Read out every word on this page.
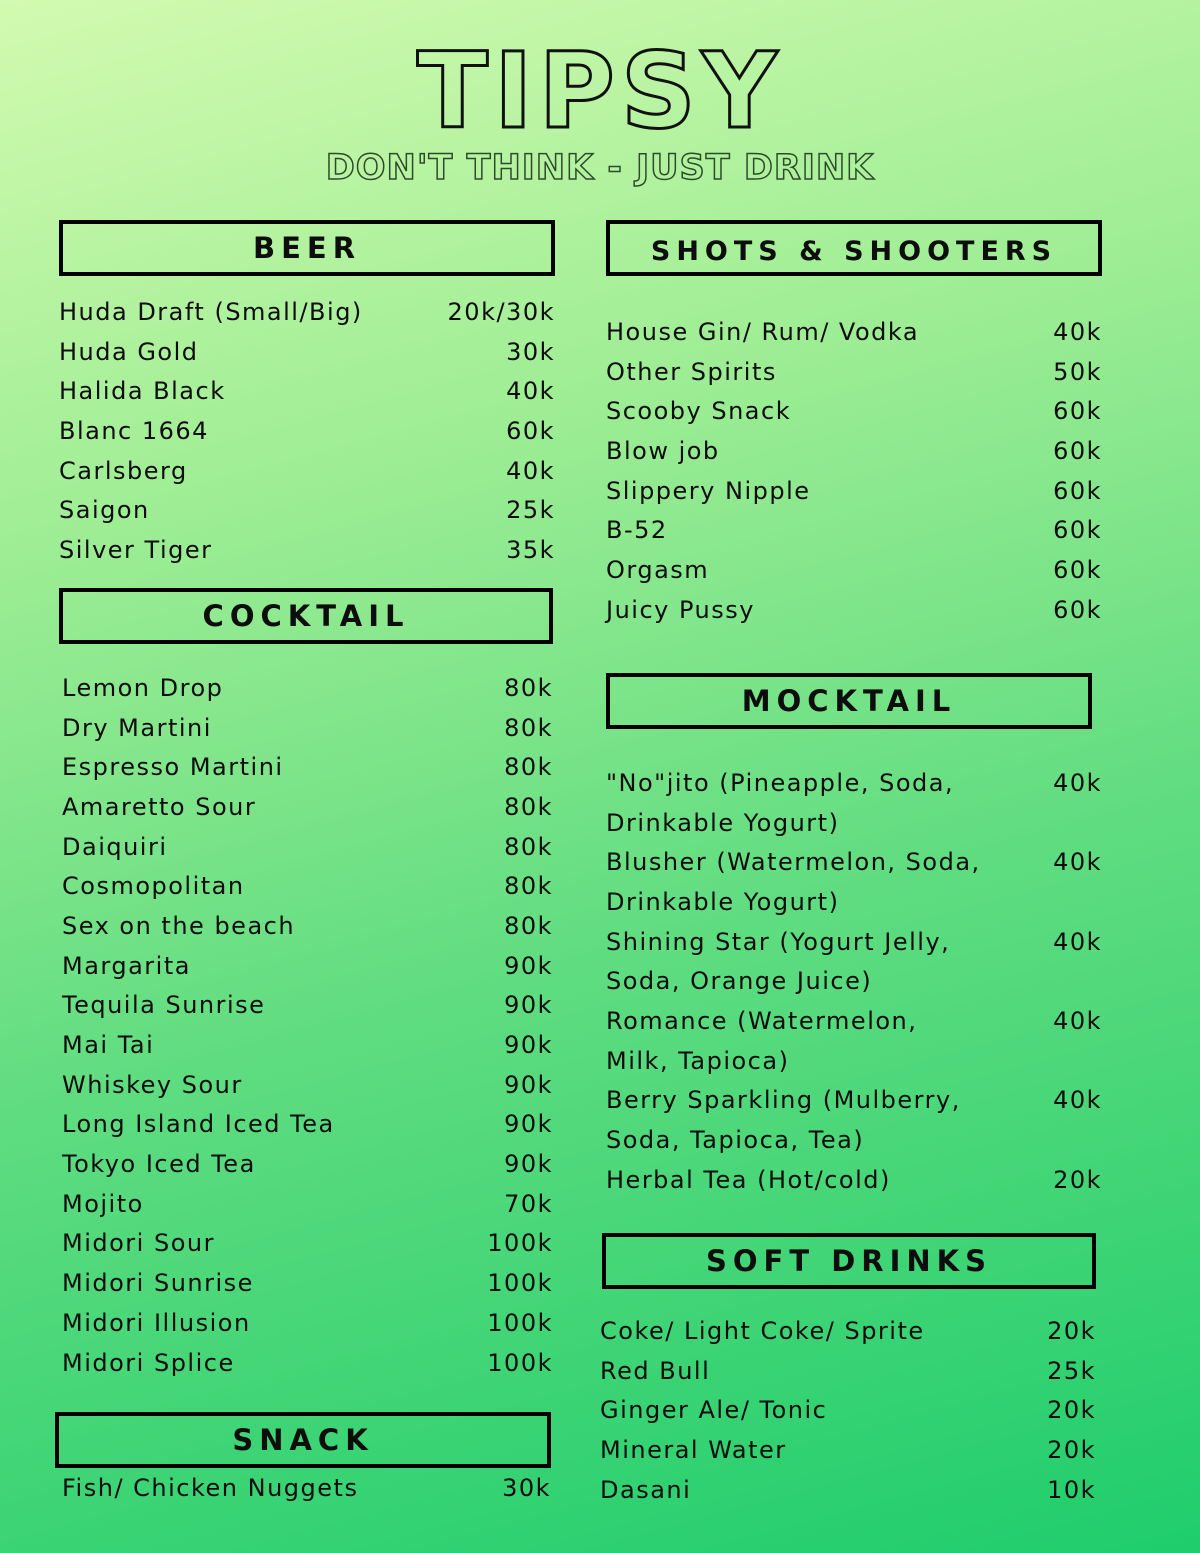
TIPSY
DON'T THINK - JUST DRINK
BEER
Huda Draft (Small/Big)	20k/30k
Huda Gold	30k
Halida Black	40k
Blanc 1664	60k
Carlsberg	40k
Saigon	25k
Silver Tiger	35k
COCKTAIL
Lemon Drop	80k
Dry Martini	80k
Espresso Martini	80k
Amaretto Sour	80k
Daiquiri	80k
Cosmopolitan	80k
Sex on the beach	80k
Margarita	90k
Tequila Sunrise	90k
Mai Tai	90k
Whiskey Sour	90k
Long Island Iced Tea	90k
Tokyo Iced Tea	90k
Mojito	70k
Midori Sour	100k
Midori Sunrise	100k
Midori Illusion	100k
Midori Splice	100k
SNACK
Fish/ Chicken Nuggets	30k
SHOTS & SHOOTERS
House Gin/ Rum/ Vodka	40k
Other Spirits	50k
Scooby Snack	60k
Blow job	60k
Slippery Nipple	60k
B-52	60k
Orgasm	60k
Juicy Pussy	60k
MOCKTAIL
"No"jito (Pineapple, Soda,	40k
Drinkable Yogurt)
Blusher (Watermelon, Soda,	40k
Drinkable Yogurt)
Shining Star (Yogurt Jelly,	40k
Soda, Orange Juice)
Romance (Watermelon,	40k
Milk, Tapioca)
Berry Sparkling (Mulberry,	40k
Soda, Tapioca, Tea)
Herbal Tea (Hot/cold)	20k
SOFT DRINKS
Coke/ Light Coke/ Sprite	20k
Red Bull	25k
Ginger Ale/ Tonic	20k
Mineral Water	20k
Dasani	10k
